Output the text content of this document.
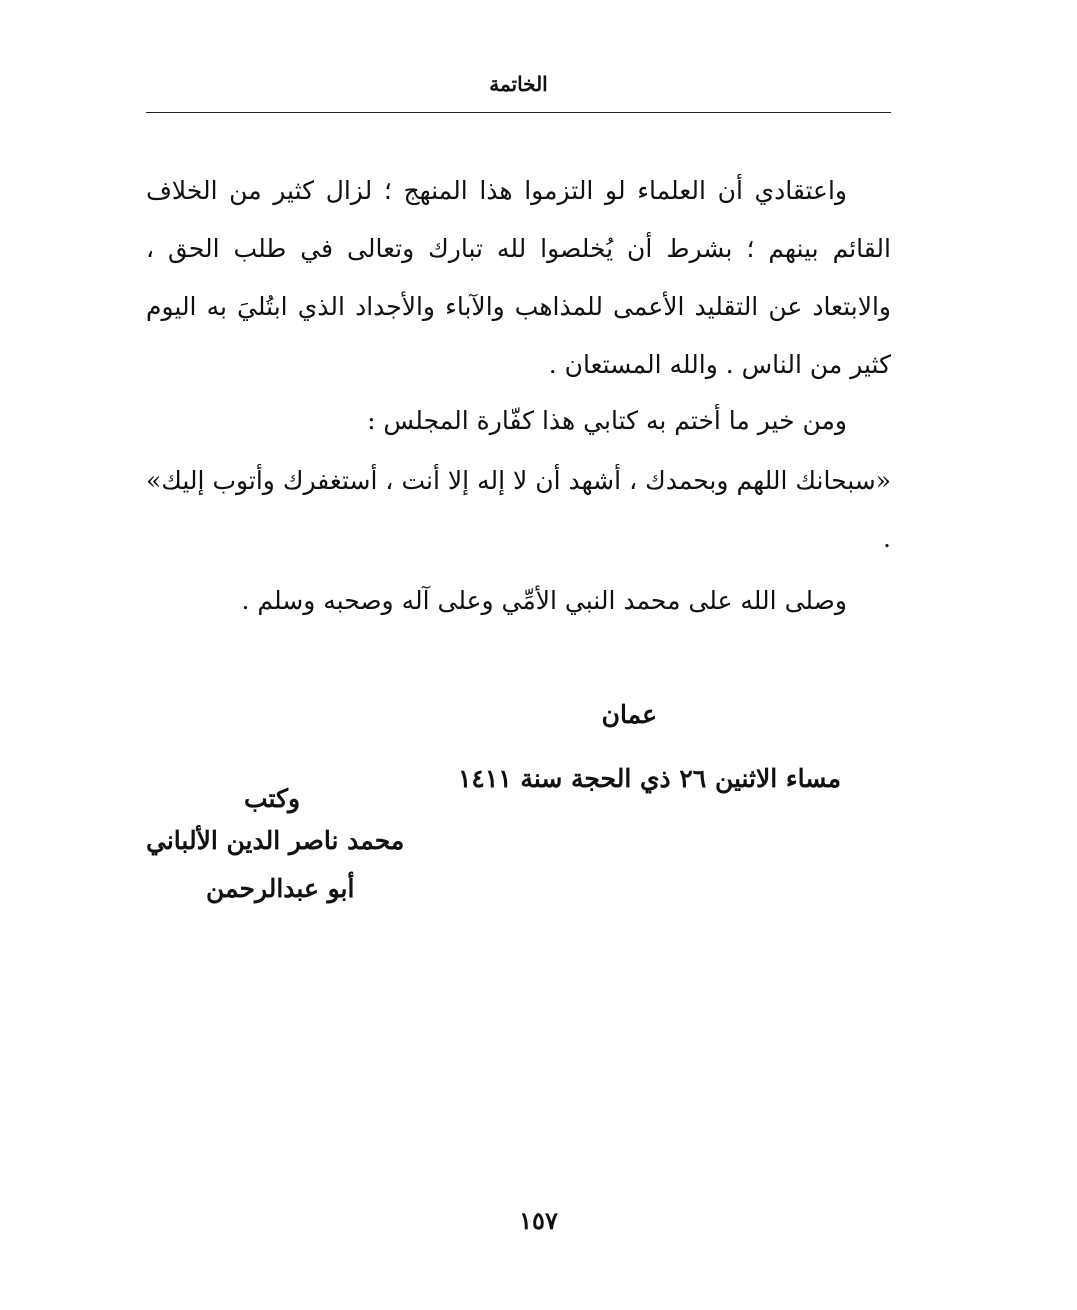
الخاتمة

واعتقادي أن العلماء لو التزموا هذا المنهج ؛ لزال كثير من الخلاف القائم بينهم ؛ بشرط أن يُخلصوا لله تبارك وتعالى في طلب الحق ، والابتعاد عن التقليد الأعمى للمذاهب والآباء والأجداد الذي ابتُليَ به اليوم كثير من الناس . والله المستعان .

ومن خير ما أختم به كتابي هذا كفّارة المجلس :

«سبحانك اللهم وبحمدك ، أشهد أن لا إله إلا أنت ، أستغفرك وأتوب إليك» .

وصلى الله على محمد النبي الأمِّي وعلى آله وصحبه وسلم .

عمان
مساء الاثنين ٢٦ ذي الحجة سنة ١٤١١
وكتب
محمد ناصر الدين الألباني
أبو عبدالرحمن
١٥٧
